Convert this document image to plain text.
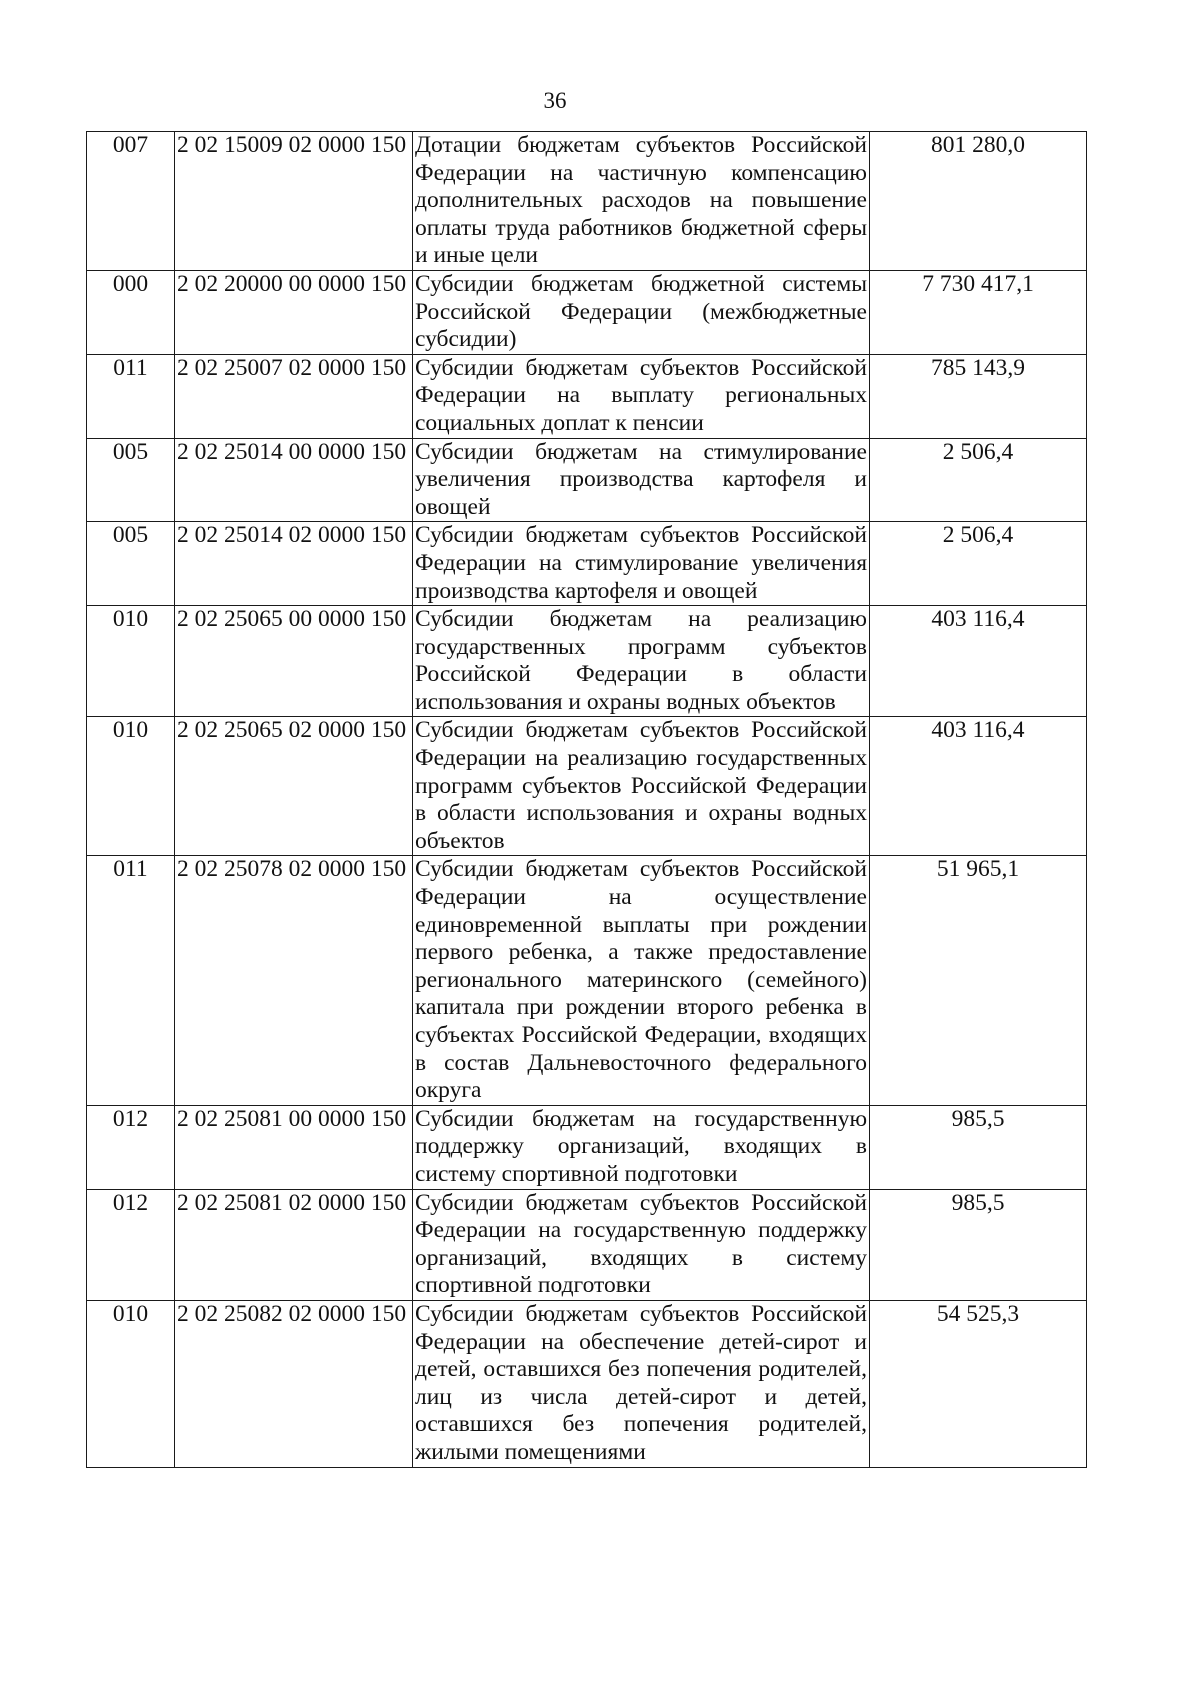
36
007	2 02 15009 02 0000 150	Дотации бюджетам субъектов Российской Федерации на частичную компенсацию дополнительных расходов на повышение оплаты труда работников бюджетной сферы и иные цели	801 280,0
000	2 02 20000 00 0000 150	Субсидии бюджетам бюджетной системы Российской Федерации (межбюджетные субсидии)	7 730 417,1
011	2 02 25007 02 0000 150	Субсидии бюджетам субъектов Российской Федерации на выплату региональных социальных доплат к пенсии	785 143,9
005	2 02 25014 00 0000 150	Субсидии бюджетам на стимулирование увеличения производства картофеля и овощей	2 506,4
005	2 02 25014 02 0000 150	Субсидии бюджетам субъектов Российской Федерации на стимулирование увеличения производства картофеля и овощей	2 506,4
010	2 02 25065 00 0000 150	Субсидии бюджетам на реализацию государственных программ субъектов Российской Федерации в области использования и охраны водных объектов	403 116,4
010	2 02 25065 02 0000 150	Субсидии бюджетам субъектов Российской Федерации на реализацию государственных программ субъектов Российской Федерации в области использования и охраны водных объектов	403 116,4
011	2 02 25078 02 0000 150	Субсидии бюджетам субъектов Российской Федерации на осуществление единовременной выплаты при рождении первого ребенка, а также предоставление регионального материнского (семейного) капитала при рождении второго ребенка в субъектах Российской Федерации, входящих в состав Дальневосточного федерального округа	51 965,1
012	2 02 25081 00 0000 150	Субсидии бюджетам на государственную поддержку организаций, входящих в систему спортивной подготовки	985,5
012	2 02 25081 02 0000 150	Субсидии бюджетам субъектов Российской Федерации на государственную поддержку организаций, входящих в систему спортивной подготовки	985,5
010	2 02 25082 02 0000 150	Субсидии бюджетам субъектов Российской Федерации на обеспечение детей-сирот и детей, оставшихся без попечения родителей, лиц из числа детей-сирот и детей, оставшихся без попечения родителей, жилыми помещениями	54 525,3
